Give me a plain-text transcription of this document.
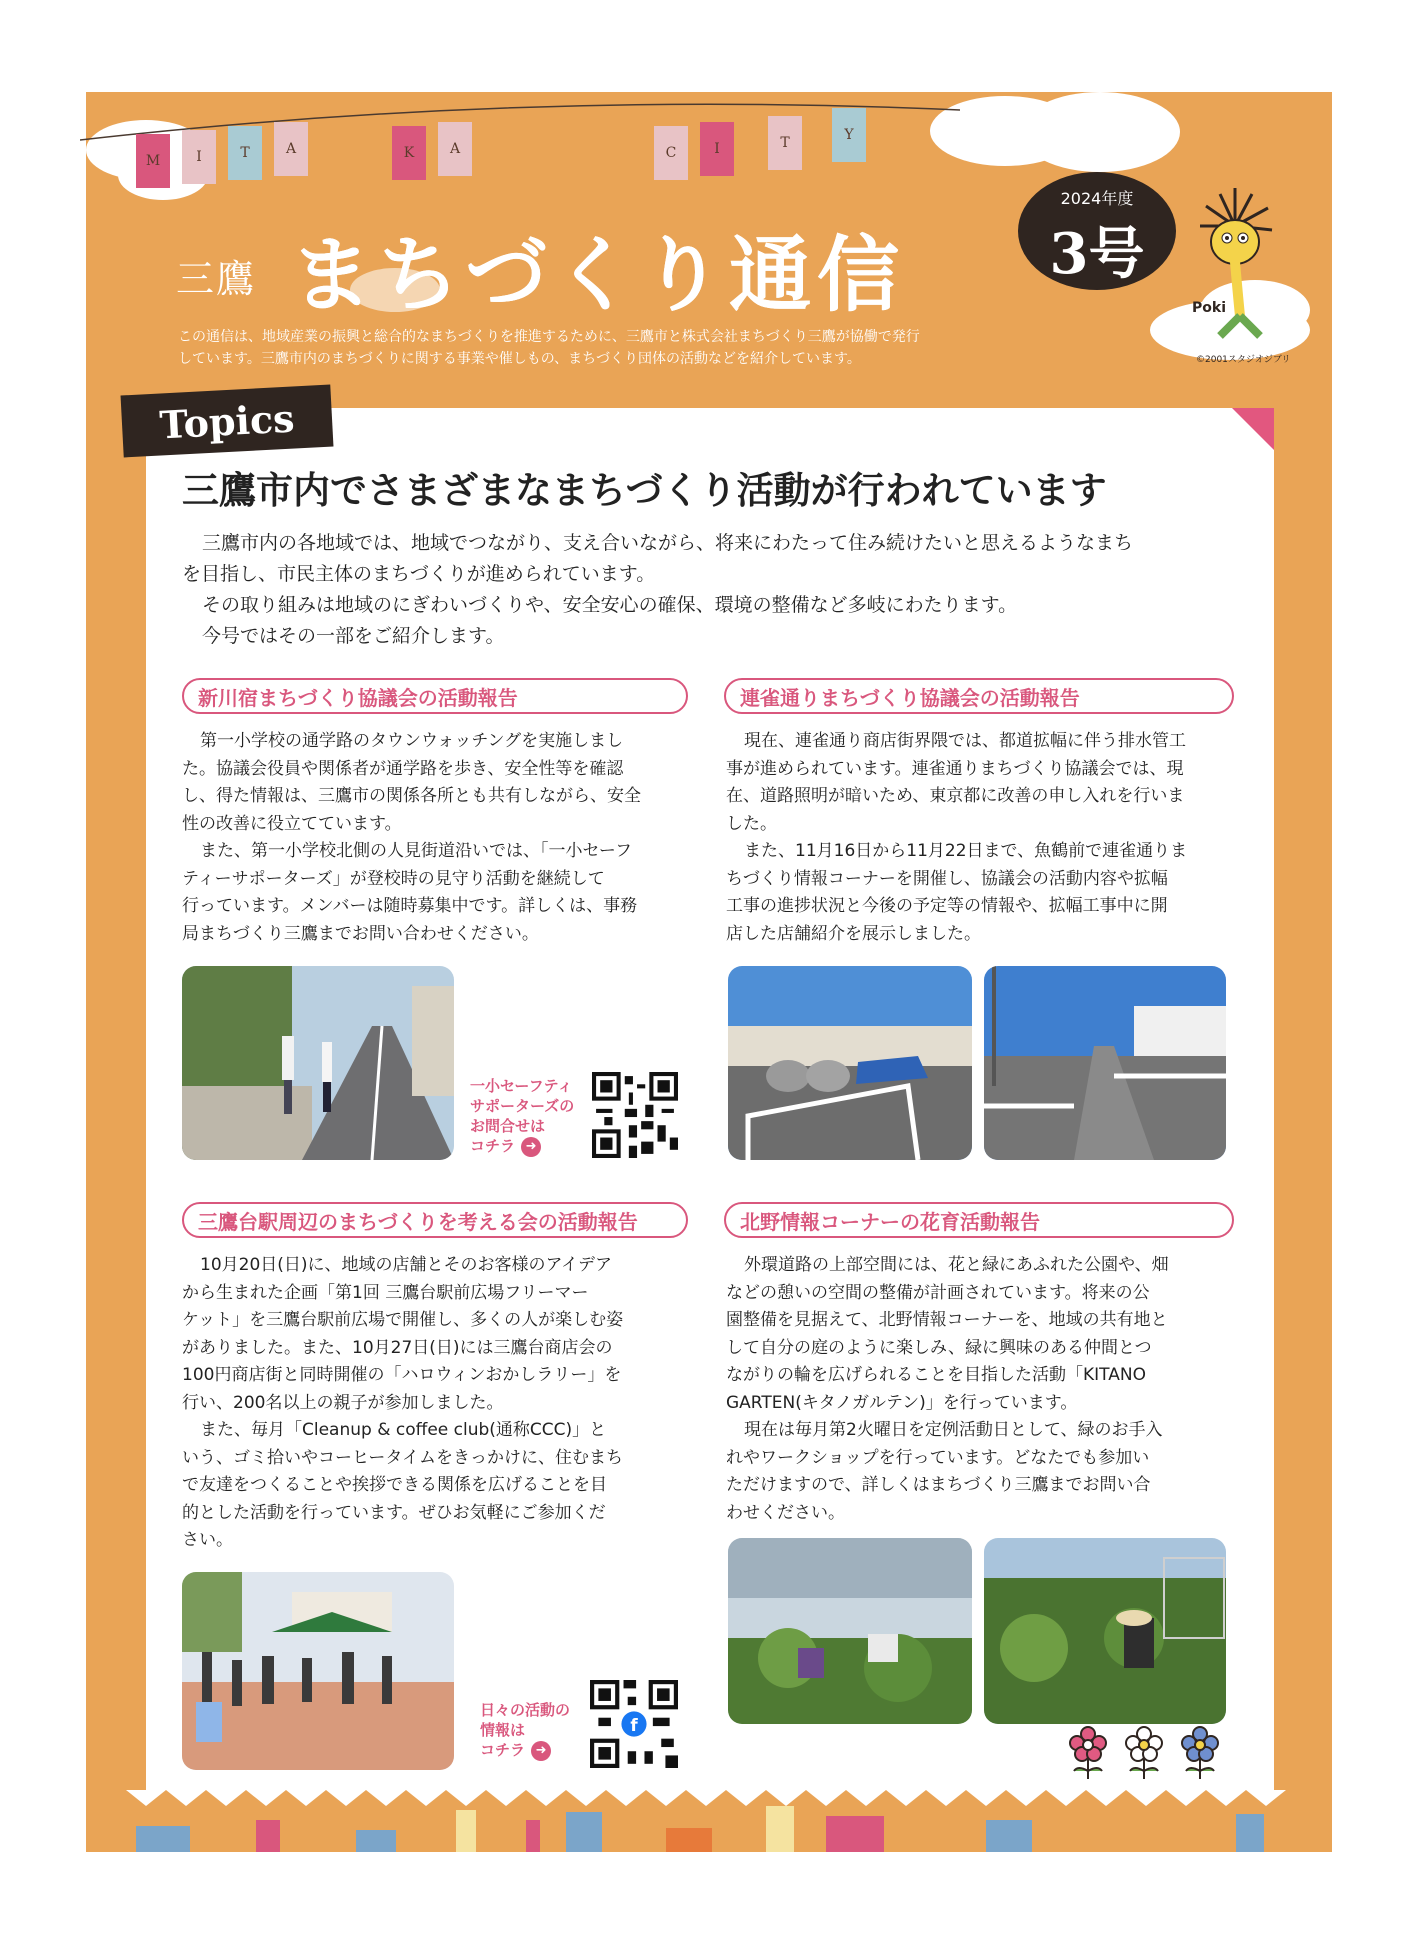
M	I	T	A	K	A	C	I	T	Y
三鷹 まちづくり通信
2024年度
3号
Poki
©2001スタジオジブリ
この通信は、地域産業の振興と総合的なまちづくりを推進するために、三鷹市と株式会社まちづくり三鷹が協働で発行
しています。三鷹市内のまちづくりに関する事業や催しもの、まちづくり団体の活動などを紹介しています。
Topics
三鷹市内でさまざまなまちづくり活動が行われています

三鷹市内の各地域では、地域でつながり、支え合いながら、将来にわたって住み続けたいと思えるようなまち

を目指し、市民主体のまちづくりが進められています。

その取り組みは地域のにぎわいづくりや、安全安心の確保、環境の整備など多岐にわたります。

今号ではその一部をご紹介します。

新川宿まちづくり協議会の活動報告

第一小学校の通学路のタウンウォッチングを実施しまし

た。協議会役員や関係者が通学路を歩き、安全性等を確認

し、得た情報は、三鷹市の関係各所とも共有しながら、安全

性の改善に役立てています。

また、第一小学校北側の人見街道沿いでは、「一小セーフ

ティーサポーターズ」が登校時の見守り活動を継続して

行っています。メンバーは随時募集中です。詳しくは、事務

局まちづくり三鷹までお問い合わせください。

一小セーフティ
サポーターズの
お問合せは
コチラ ➜
連雀通りまちづくり協議会の活動報告

現在、連雀通り商店街界隈では、都道拡幅に伴う排水管工

事が進められています。連雀通りまちづくり協議会では、現

在、道路照明が暗いため、東京都に改善の申し入れを行いま

した。

また、11月16日から11月22日まで、魚鶴前で連雀通りま

ちづくり情報コーナーを開催し、協議会の活動内容や拡幅

工事の進捗状況と今後の予定等の情報や、拡幅工事中に開

店した店舗紹介を展示しました。

三鷹台駅周辺のまちづくりを考える会の活動報告

10月20日(日)に、地域の店舗とそのお客様のアイデア

から生まれた企画「第1回 三鷹台駅前広場フリーマー

ケット」を三鷹台駅前広場で開催し、多くの人が楽しむ姿

がありました。また、10月27日(日)には三鷹台商店会の

100円商店街と同時開催の「ハロウィンおかしラリー」を

行い、200名以上の親子が参加しました。

また、毎月「Cleanup & coffee club(通称CCC)」と

いう、ゴミ拾いやコーヒータイムをきっかけに、住むまち

で友達をつくることや挨拶できる関係を広げることを目

的とした活動を行っています。ぜひお気軽にご参加くだ

さい。

日々の活動の
情報は
コチラ ➜
f
北野情報コーナーの花育活動報告

外環道路の上部空間には、花と緑にあふれた公園や、畑

などの憩いの空間の整備が計画されています。将来の公

園整備を見据えて、北野情報コーナーを、地域の共有地と

して自分の庭のように楽しみ、緑に興味のある仲間とつ

ながりの輪を広げられることを目指した活動「KITANO

GARTEN(キタノガルテン)」を行っています。

現在は毎月第2火曜日を定例活動日として、緑のお手入

れやワークショップを行っています。どなたでも参加い

ただけますので、詳しくはまちづくり三鷹までお問い合

わせください。
